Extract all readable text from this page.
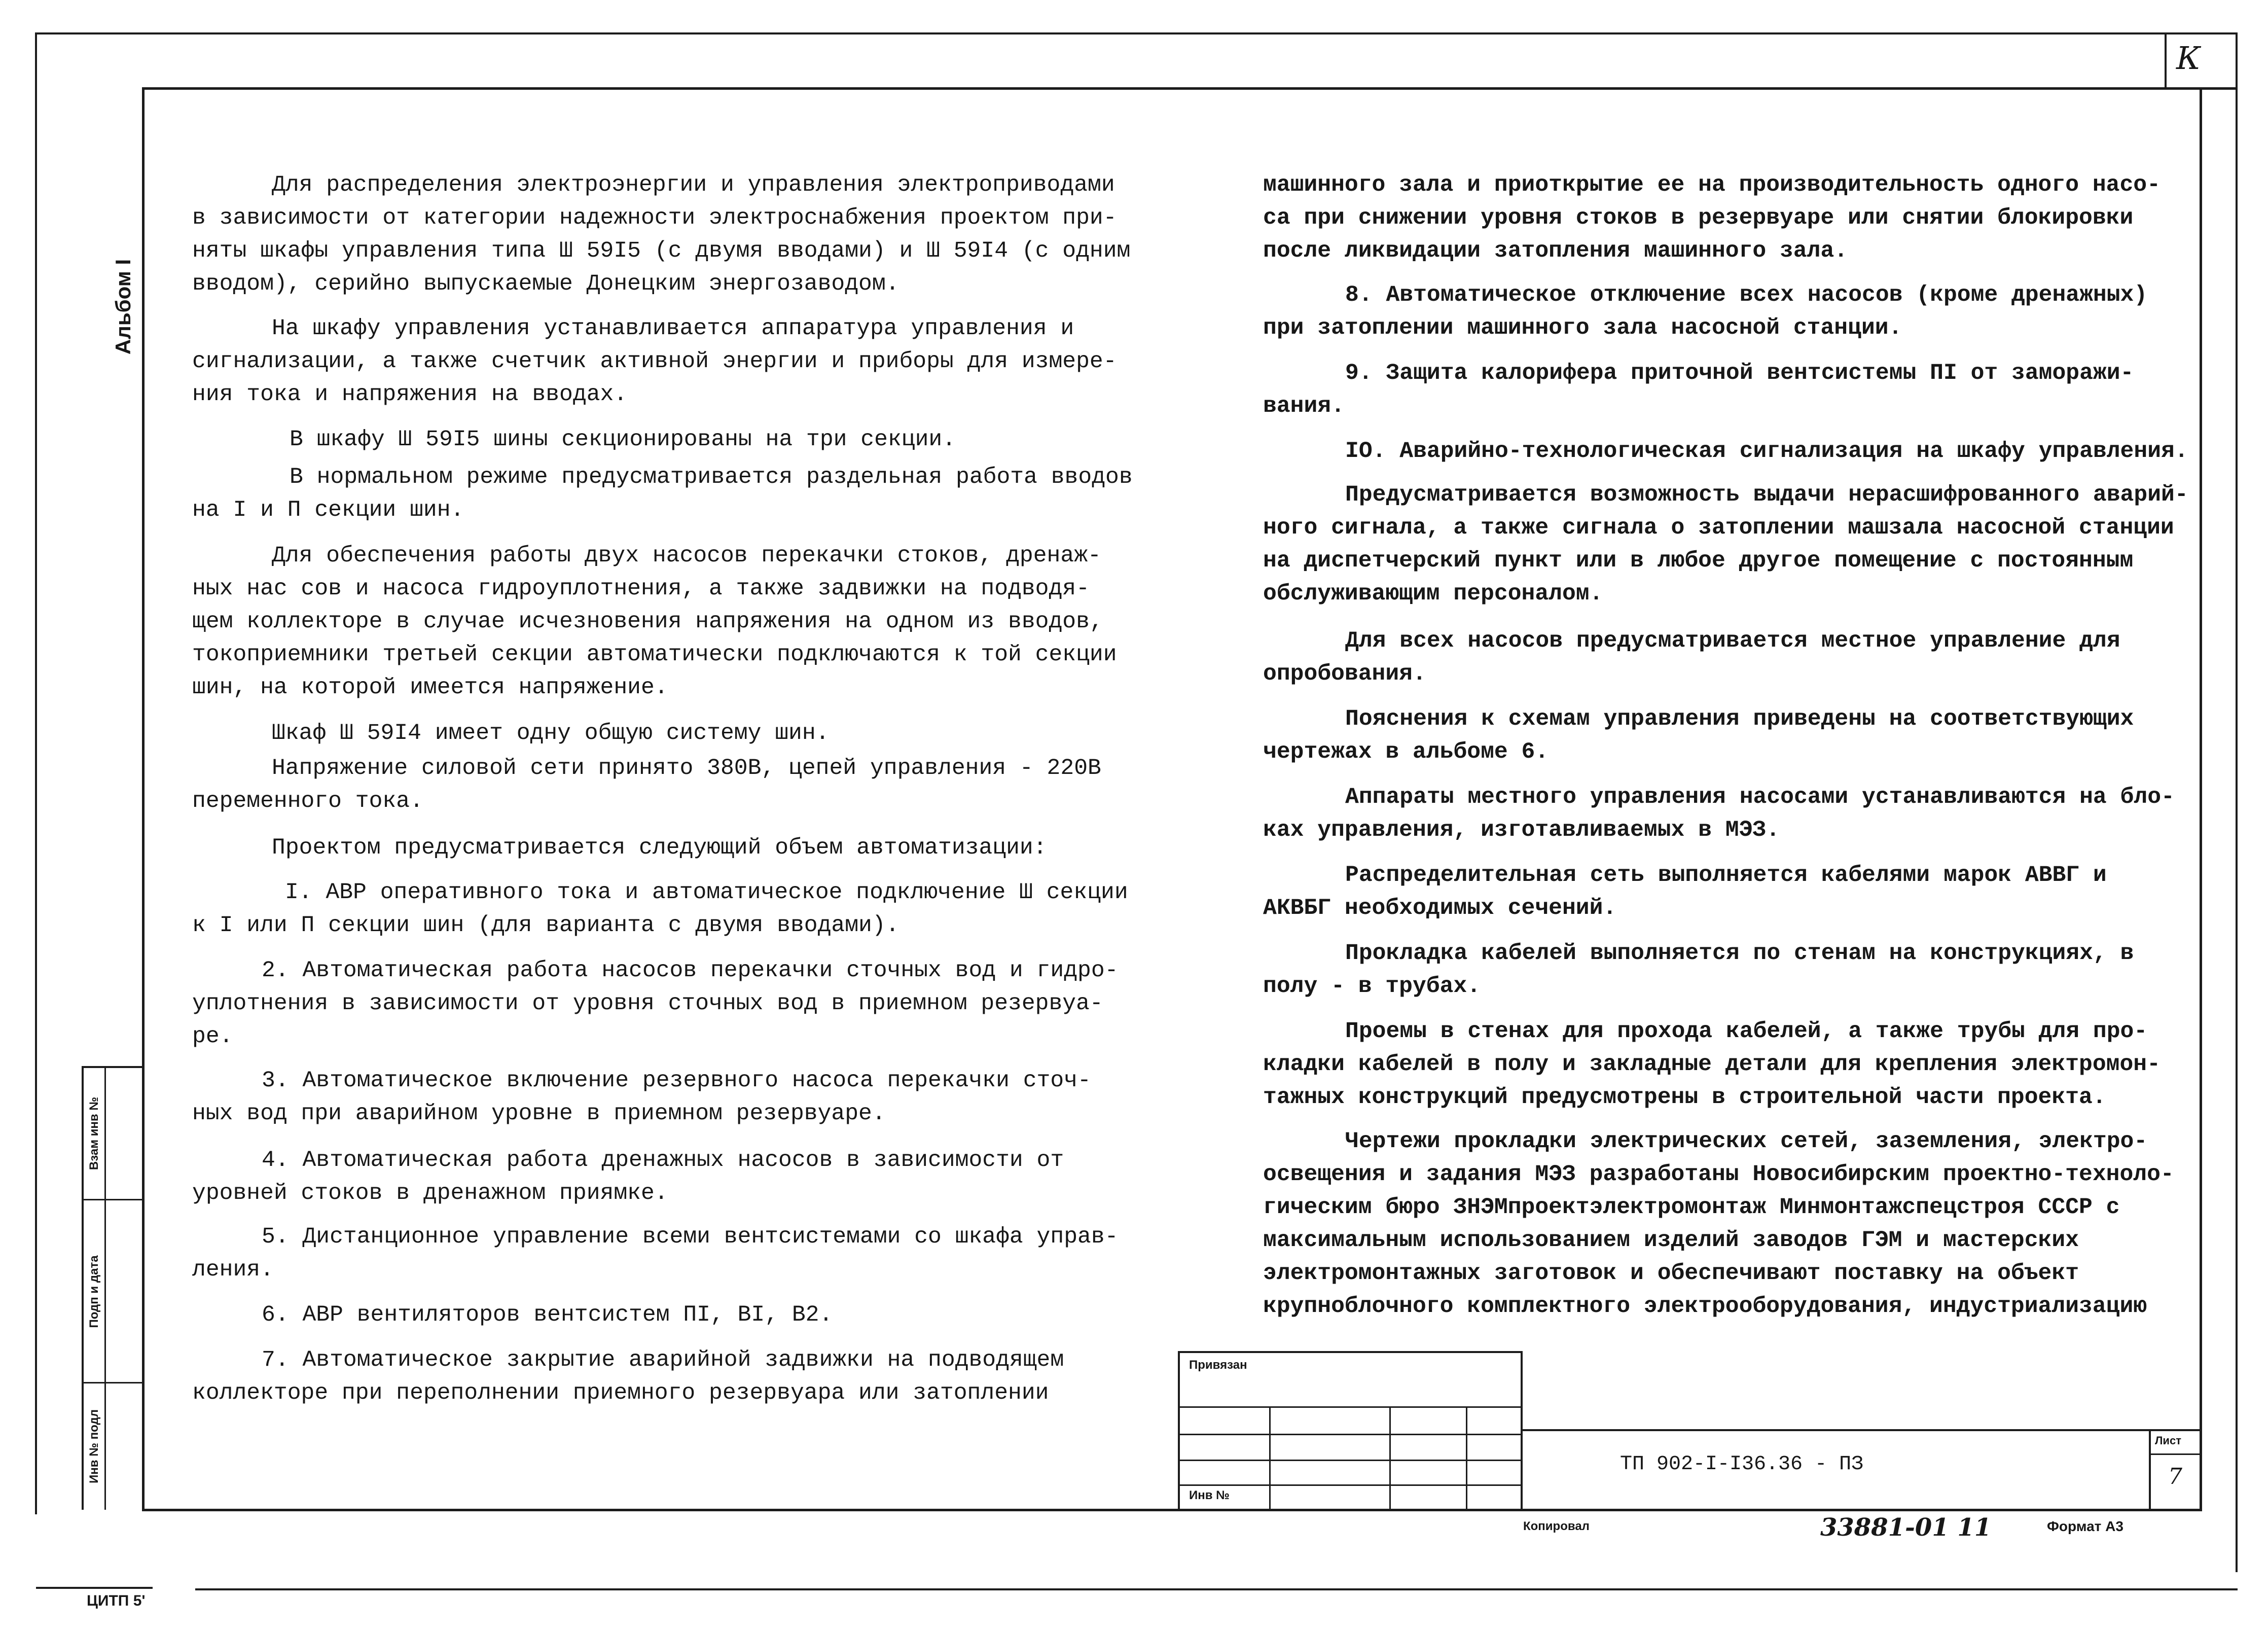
К
Альбом I
Взам инв №
Подп и дата
Инв № подл

Для распределения электроэнергии и управления электроприводами
в зависимости от категории надежности электроснабжения проектом при-
няты шкафы управления типа Ш 59I5 (с двумя вводами) и Ш 59I4 (с одним
вводом), серийно выпускаемые Донецким энергозаводом.

На шкафу управления устанавливается аппаратура управления и
сигнализации, а также счетчик активной энергии и приборы для измере-
ния тока и напряжения на вводах.

В шкафу Ш 59I5 шины секционированы на три секции.

В нормальном режиме предусматривается раздельная работа вводов
на I и П секции шин.

Для обеспечения работы двух насосов перекачки стоков, дренаж-
ных нас сов и насоса гидроуплотнения, а также задвижки на подводя-
щем коллекторе в случае исчезновения напряжения на одном из вводов,
токоприемники третьей секции автоматически подключаются к той секции
шин, на которой имеется напряжение.

Шкаф Ш 59I4 имеет одну общую систему шин.

Напряжение силовой сети принято 380В, цепей управления - 220В
переменного тока.

Проектом предусматривается следующий объем автоматизации:

I. АВР оперативного тока и автоматическое подключение Ш секции
к I или П секции шин (для варианта с двумя вводами).

2. Автоматическая работа насосов перекачки сточных вод и гидро-
уплотнения в зависимости от уровня сточных вод в приемном резервуа-
ре.

3. Автоматическое включение резервного насоса перекачки сточ-
ных вод при аварийном уровне в приемном резервуаре.

4. Автоматическая работа дренажных насосов в зависимости от
уровней стоков в дренажном приямке.

5. Дистанционное управление всеми вентсистемами со шкафа управ-
ления.

6. АВР вентиляторов вентсистем ПI, ВI, В2.

7. Автоматическое закрытие аварийной задвижки на подводящем
коллекторе при переполнении приемного резервуара или затоплении

машинного зала и приоткрытие ее на производительность одного насо-
са при снижении уровня стоков в резервуаре или снятии блокировки
после ликвидации затопления машинного зала.

8. Автоматическое отключение всех насосов (кроме дренажных)
при затоплении машинного зала насосной станции.

9. Защита калорифера приточной вентсистемы ПI от заморажи-
вания.

IO. Аварийно-технологическая сигнализация на шкафу управления.

Предусматривается возможность выдачи нерасшифрованного аварий-
ного сигнала, а также сигнала о затоплении машзала насосной станции
на диспетчерский пункт или в любое другое помещение с постоянным
обслуживающим персоналом.

Для всех насосов предусматривается местное управление для
опробования.

Пояснения к схемам управления приведены на соответствующих
чертежах в альбоме 6.

Аппараты местного управления насосами устанавливаются на бло-
ках управления, изготавливаемых в МЭЗ.

Распределительная сеть выполняется кабелями марок АВВГ и
АКВБГ необходимых сечений.

Прокладка кабелей выполняется по стенам на конструкциях, в
полу - в трубах.

Проемы в стенах для прохода кабелей, а также трубы для про-
кладки кабелей в полу и закладные детали для крепления электромон-
тажных конструкций предусмотрены в строительной части проекта.

Чертежи прокладки электрических сетей, заземления, электро-
освещения и задания МЭЗ разработаны Новосибирским проектно-техноло-
гическим бюро ЗНЭМпроектэлектромонтаж Минмонтажспецстроя СССР с
максимальным использованием изделий заводов ГЭМ и мастерских
электромонтажных заготовок и обеспечивают поставку на объект
крупноблочного комплектного электрооборудования, индустриализацию

Привязан
Инв №
ТП 902-I-I36.36 - ПЗ
Лист
7
Копировал	33881-01 11	Формат А3
ЦИТП 5'
